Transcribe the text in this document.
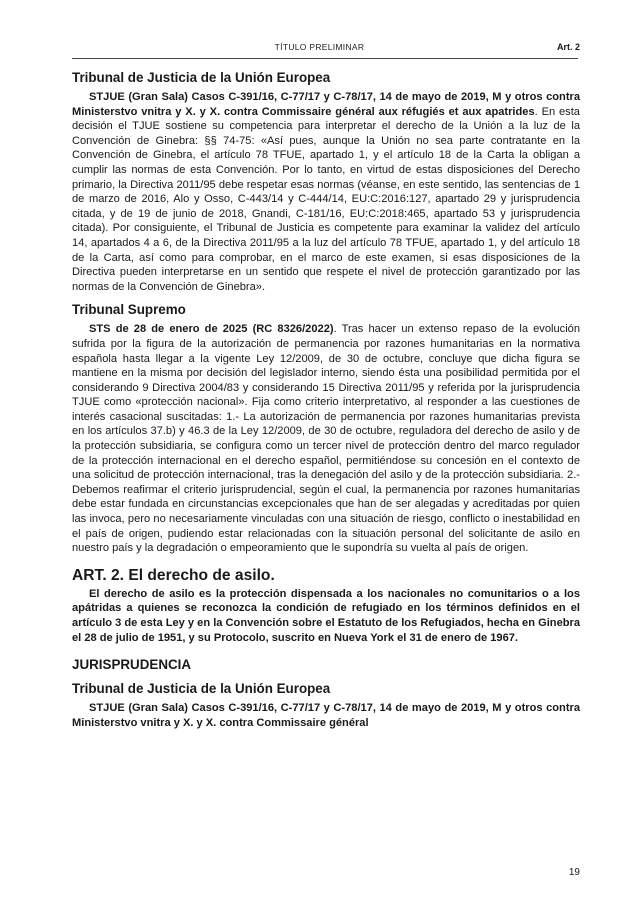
TÍTULO PRELIMINAR	Art. 2
Tribunal de Justicia de la Unión Europea

STJUE (Gran Sala) Casos C-391/16, C-77/17 y C-78/17, 14 de mayo de 2019, M y otros contra Ministerstvo vnitra y X. y X. contra Commissaire général aux réfugiés et aux apatrides. En esta decisión el TJUE sostiene su competencia para interpretar el derecho de la Unión a la luz de la Convención de Ginebra: §§ 74-75: «Así pues, aunque la Unión no sea parte contratante en la Convención de Ginebra, el artículo 78 TFUE, apartado 1, y el artículo 18 de la Carta la obligan a cumplir las normas de esta Convención. Por lo tanto, en virtud de estas disposiciones del Derecho primario, la Directiva 2011/95 debe respetar esas normas (véanse, en este sentido, las sentencias de 1 de marzo de 2016, Alo y Osso, C-443/14 y C-444/14, EU:C:2016:127, apartado 29 y jurisprudencia citada, y de 19 de junio de 2018, Gnandi, C-181/16, EU:C:2018:465, apartado 53 y jurisprudencia citada). Por consiguiente, el Tribunal de Justicia es competente para examinar la validez del artículo 14, apartados 4 a 6, de la Directiva 2011/95 a la luz del artículo 78 TFUE, apartado 1, y del artículo 18 de la Carta, así como para comprobar, en el marco de este examen, si esas disposiciones de la Directiva pueden interpretarse en un sentido que respete el nivel de protección garantizado por las normas de la Convención de Ginebra».

Tribunal Supremo

STS de 28 de enero de 2025 (RC 8326/2022). Tras hacer un extenso repaso de la evolución sufrida por la figura de la autorización de permanencia por razones humanitarias en la normativa española hasta llegar a la vigente Ley 12/2009, de 30 de octubre, concluye que dicha figura se mantiene en la misma por decisión del legislador interno, siendo ésta una posibilidad permitida por el considerando 9 Directiva 2004/83 y considerando 15 Directiva 2011/95 y referida por la jurisprudencia TJUE como «protección nacional». Fija como criterio interpretativo, al responder a las cuestiones de interés casacional suscitadas: 1.- La autorización de permanencia por razones humanitarias prevista en los artículos 37.b) y 46.3 de la Ley 12/2009, de 30 de octubre, reguladora del derecho de asilo y de la protección subsidiaria, se configura como un tercer nivel de protección dentro del marco regulador de la protección internacional en el derecho español, permitiéndose su concesión en el contexto de una solicitud de protección internacional, tras la denegación del asilo y de la protección subsidiaria. 2.- Debemos reafirmar el criterio jurisprudencial, según el cual, la permanencia por razones humanitarias debe estar fundada en circunstancias excepcionales que han de ser alegadas y acreditadas por quien las invoca, pero no necesariamente vinculadas con una situación de riesgo, conflicto o inestabilidad en el país de origen, pudiendo estar relacionadas con la situación personal del solicitante de asilo en nuestro país y la degradación o empeoramiento que le supondría su vuelta al país de origen.

ART. 2. El derecho de asilo.

El derecho de asilo es la protección dispensada a los nacionales no comunitarios o a los apátridas a quienes se reconozca la condición de refugiado en los términos definidos en el artículo 3 de esta Ley y en la Convención sobre el Estatuto de los Refugiados, hecha en Ginebra el 28 de julio de 1951, y su Protocolo, suscrito en Nueva York el 31 de enero de 1967.

JURISPRUDENCIA
Tribunal de Justicia de la Unión Europea

STJUE (Gran Sala) Casos C-391/16, C-77/17 y C-78/17, 14 de mayo de 2019, M y otros contra Ministerstvo vnitra y X. y X. contra Commissaire général

19
